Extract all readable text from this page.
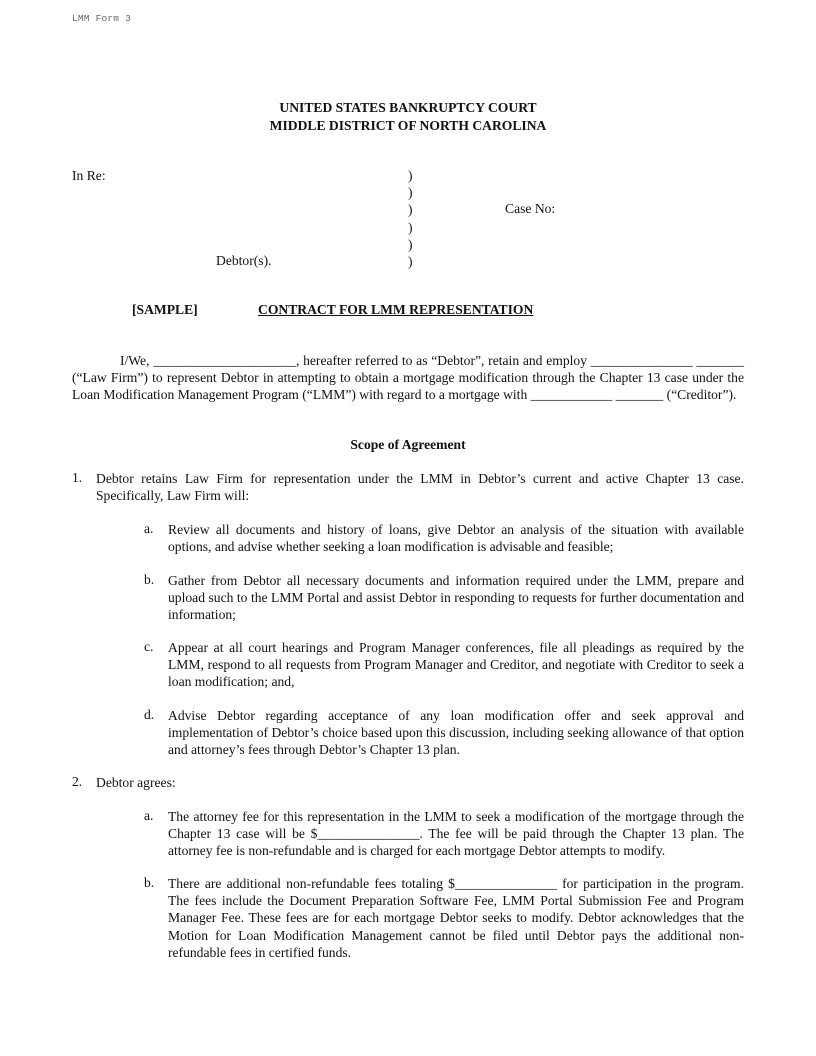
LMM Form 3
UNITED STATES BANKRUPTCY COURT
MIDDLE DISTRICT OF NORTH CAROLINA
In Re:	)
)
)
)
)
)
Case No:
Debtor(s).
[SAMPLE]	CONTRACT FOR LMM REPRESENTATION

I/We, _____________________, hereafter referred to as “Debtor”, retain and employ _______________ _______ (“Law Firm”) to represent Debtor in attempting to obtain a mortgage modification through the Chapter 13 case under the Loan Modification Management Program (“LMM”) with regard to a mortgage with ____________ _______ (“Creditor”).

Scope of Agreement
1.	Debtor retains Law Firm for representation under the LMM in Debtor’s current and active Chapter 13 case. Specifically, Law Firm will:
a.	Review all documents and history of loans, give Debtor an analysis of the situation with available options, and advise whether seeking a loan modification is advisable and feasible;
b.	Gather from Debtor all necessary documents and information required under the LMM, prepare and upload such to the LMM Portal and assist Debtor in responding to requests for further documentation and information;
c.	Appear at all court hearings and Program Manager conferences, file all pleadings as required by the LMM, respond to all requests from Program Manager and Creditor, and negotiate with Creditor to seek a loan modification; and,
d.	Advise Debtor regarding acceptance of any loan modification offer and seek approval and implementation of Debtor’s choice based upon this discussion, including seeking allowance of that option and attorney’s fees through Debtor’s Chapter 13 plan.
2.	Debtor agrees:
a.	The attorney fee for this representation in the LMM to seek a modification of the mortgage through the Chapter 13 case will be $_______________. The fee will be paid through the Chapter 13 plan. The attorney fee is non-refundable and is charged for each mortgage Debtor attempts to modify.
b.	There are additional non-refundable fees totaling $_______________ for participation in the program. The fees include the Document Preparation Software Fee, LMM Portal Submission Fee and Program Manager Fee. These fees are for each mortgage Debtor seeks to modify. Debtor acknowledges that the Motion for Loan Modification Management cannot be filed until Debtor pays the additional non-refundable fees in certified funds.
